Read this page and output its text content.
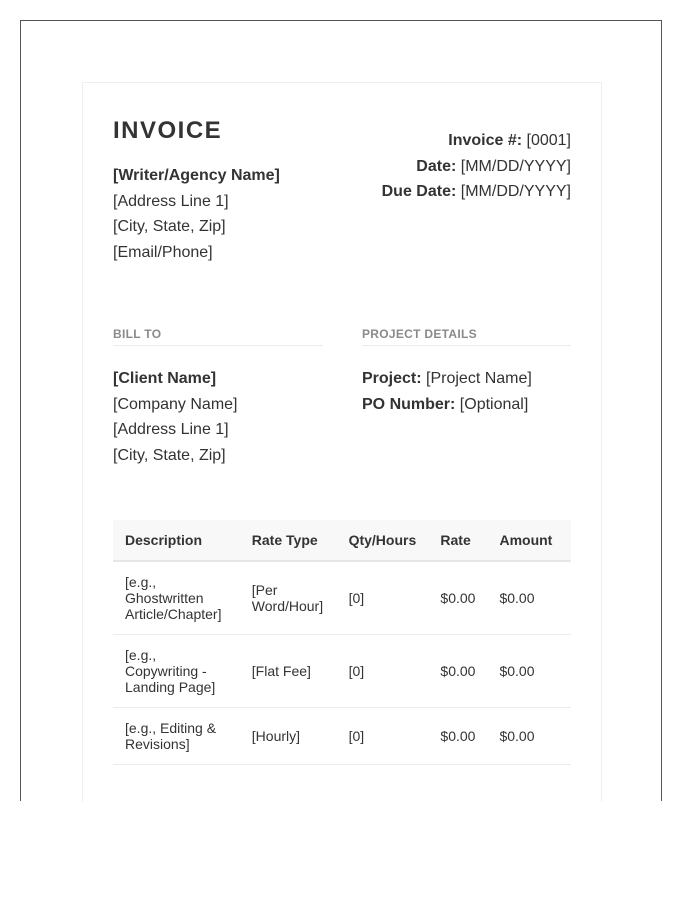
INVOICE
[Writer/Agency Name]
[Address Line 1]
[City, State, Zip]
[Email/Phone]
Invoice #: [0001]
Date: [MM/DD/YYYY]
Due Date: [MM/DD/YYYY]
BILL TO
[Client Name]
[Company Name]
[Address Line 1]
[City, State, Zip]
PROJECT DETAILS
Project: [Project Name]
PO Number: [Optional]
Description	Rate Type	Qty/Hours	Rate	Amount
[e.g., Ghostwritten Article/Chapter]	[Per Word/Hour]	[0]	$0.00	$0.00
[e.g., Copywriting - Landing Page]	[Flat Fee]	[0]	$0.00	$0.00
[e.g., Editing & Revisions]	[Hourly]	[0]	$0.00	$0.00
